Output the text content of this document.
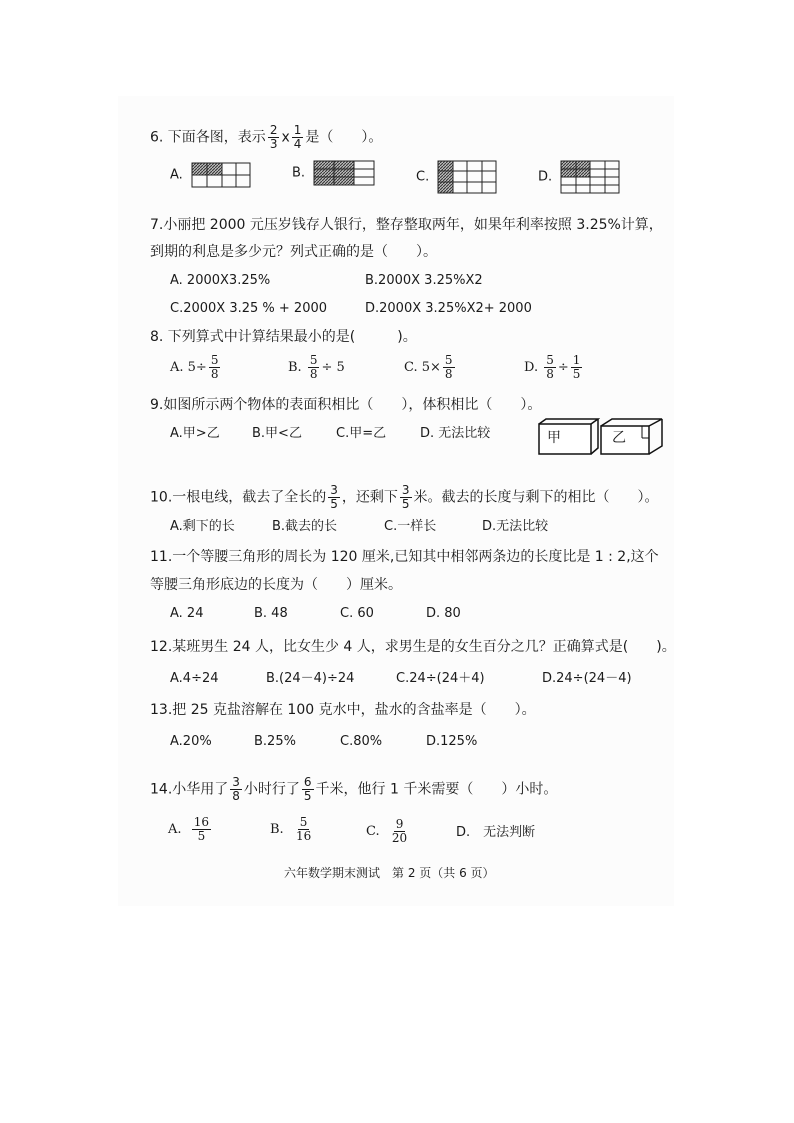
6. 下面各图，表示 $\frac{2}{3}$ x $\frac{1}{4}$ 是（　　）。
A.	B.	C.	D.
7.小丽把 2000 元压岁钱存人银行，整存整取两年，如果年利率按照 3.25%计算，
到期的利息是多少元？列式正确的是（　　）。
A. 2000X3.25%	B.2000X 3.25%X2
C.2000X 3.25 % + 2000	D.2000X 3.25%X2+ 2000
8. 下列算式中计算结果最小的是(　　　)。
A. $5\div \frac{5}{8}$	B. $\frac{5}{8} \div 5$	C. $5\times \frac{5}{8}$	D. $\frac{5}{8} \div \frac{1}{5}$
9.如图所示两个物体的表面积相比（　　），体积相比（　　）。
A.甲>乙 B.甲<乙	C.甲=乙	D. 无法比较	甲	乙
10.一根电线，截去了全长的 $\frac{3}{5}$ ，还剩下 $\frac{3}{5}$ 米。截去的长度与剩下的相比（　　）。
A.剩下的长	B.截去的长	C.一样长	D.无法比较
11.一个等腰三角形的周长为 120 厘米,已知其中相邻两条边的长度比是 1 : 2,这个
等腰三角形底边的长度为（　　）厘米。
A. 24	B. 48	C. 60	D. 80
12.某班男生 24 人，比女生少 4 人，求男生是的女生百分之几？正确算式是(　　)。
A.4÷24	B.(24－4)÷24	C.24÷(24＋4)	D.24÷(24－4)
13.把 25 克盐溶解在 100 克水中，盐水的含盐率是（　　）。
A.20%	B.25%	C.80%	D.125%
14.小华用了 $\frac{3}{8}$ 小时行了 $\frac{6}{5}$ 千米，他行 1 千米需要（　　）小时。
A. $\frac{16}{5}$	B. $\frac{5}{16}$	C. $\frac{9}{20}$	D.　无法判断
六年数学期末测试　第 2 页（共 6 页）
